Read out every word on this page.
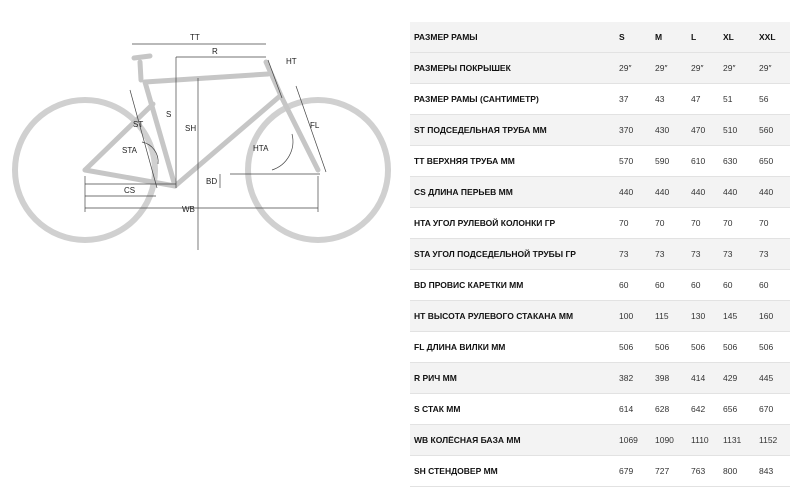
TT
R
HT
ST
S
SH	FL
STA	HTA
BD
CS
WB
РАЗМЕР РАМЫ	S	M	L	XL	XXL
РАЗМЕРЫ ПОКРЫШЕК	29″	29″	29″	29″	29″
РАЗМЕР РАМЫ (САНТИМЕТР)	37	43	47	51	56
ST ПОДСЕДЕЛЬНАЯ ТРУБА ММ	370	430	470	510	560
TT ВЕРХНЯЯ ТРУБА ММ	570	590	610	630	650
CS ДЛИНА ПЕРЬЕВ ММ	440	440	440	440	440
HTA УГОЛ РУЛЕВОЙ КОЛОНКИ ГР	70	70	70	70	70
STA УГОЛ ПОДСЕДЕЛЬНОЙ ТРУБЫ ГР	73	73	73	73	73
BD ПРОВИС КАРЕТКИ ММ	60	60	60	60	60
HT ВЫСОТА РУЛЕВОГО СТАКАНА ММ	100	115	130	145	160
FL ДЛИНА ВИЛКИ ММ	506	506	506	506	506
R РИЧ ММ	382	398	414	429	445
S СТАК ММ	614	628	642	656	670
WB КОЛЁСНАЯ БАЗА ММ	1069	1090	1110	1131	1152
SH СТЕНДОВЕР ММ	679	727	763	800	843
